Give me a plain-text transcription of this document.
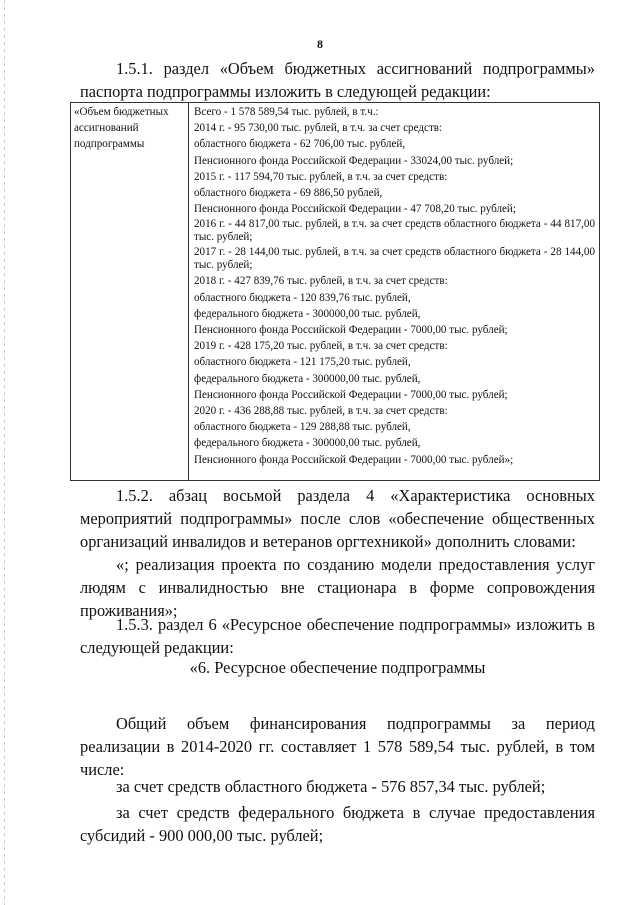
8
1.5.1. раздел «Объем бюджетных ассигнований подпрограммы»
паспорта подпрограммы изложить в следующей редакции:
«Объем бюджетных
ассигнований
подпрограммы
Всего - 1 578 589,54 тыс. рублей, в т.ч.:
2014 г. - 95 730,00 тыс. рублей, в т.ч. за счет средств:
областного бюджета - 62 706,00 тыс. рублей,
Пенсионного фонда Российской Федерации - 33024,00 тыс. рублей;
2015 г. - 117 594,70 тыс. рублей, в т.ч. за счет средств:
областного бюджета - 69 886,50 рублей,
Пенсионного фонда Российской Федерации - 47 708,20 тыс. рублей;
2016 г. - 44 817,00 тыс. рублей, в т.ч. за счет средств областного бюджета - 44 817,00 тыс. рублей;
2017 г. - 28 144,00 тыс. рублей, в т.ч. за счет средств областного бюджета - 28 144,00 тыс. рублей;
2018 г. - 427 839,76 тыс. рублей, в т.ч. за счет средств:
областного бюджета - 120 839,76 тыс. рублей,
федерального бюджета - 300000,00 тыс. рублей,
Пенсионного фонда Российской Федерации - 7000,00 тыс. рублей;
2019 г. - 428 175,20 тыс. рублей, в т.ч. за счет средств:
областного бюджета - 121 175,20 тыс. рублей,
федерального бюджета - 300000,00 тыс. рублей,
Пенсионного фонда Российской Федерации - 7000,00 тыс. рублей;
2020 г. - 436 288,88 тыс. рублей, в т.ч. за счет средств:
областного бюджета - 129 288,88 тыс. рублей,
федерального бюджета - 300000,00 тыс. рублей,
Пенсионного фонда Российской Федерации - 7000,00 тыс. рублей»;
1.5.2. абзац восьмой раздела 4 «Характеристика основных
мероприятий подпрограммы» после слов «обеспечение общественных
организаций инвалидов и ветеранов оргтехникой» дополнить словами:
«; реализация проекта по созданию модели предоставления услуг
людям с инвалидностью вне стационара в форме сопровождения
проживания»;
1.5.3. раздел 6 «Ресурсное обеспечение подпрограммы» изложить в
следующей редакции:
«6. Ресурсное обеспечение подпрограммы
Общий объем финансирования подпрограммы за период
реализации в 2014-2020 гг. составляет 1 578 589,54 тыс. рублей, в том
числе:
за счет средств областного бюджета - 576 857,34 тыс. рублей;
за счет средств федерального бюджета в случае предоставления
субсидий - 900 000,00 тыс. рублей;
